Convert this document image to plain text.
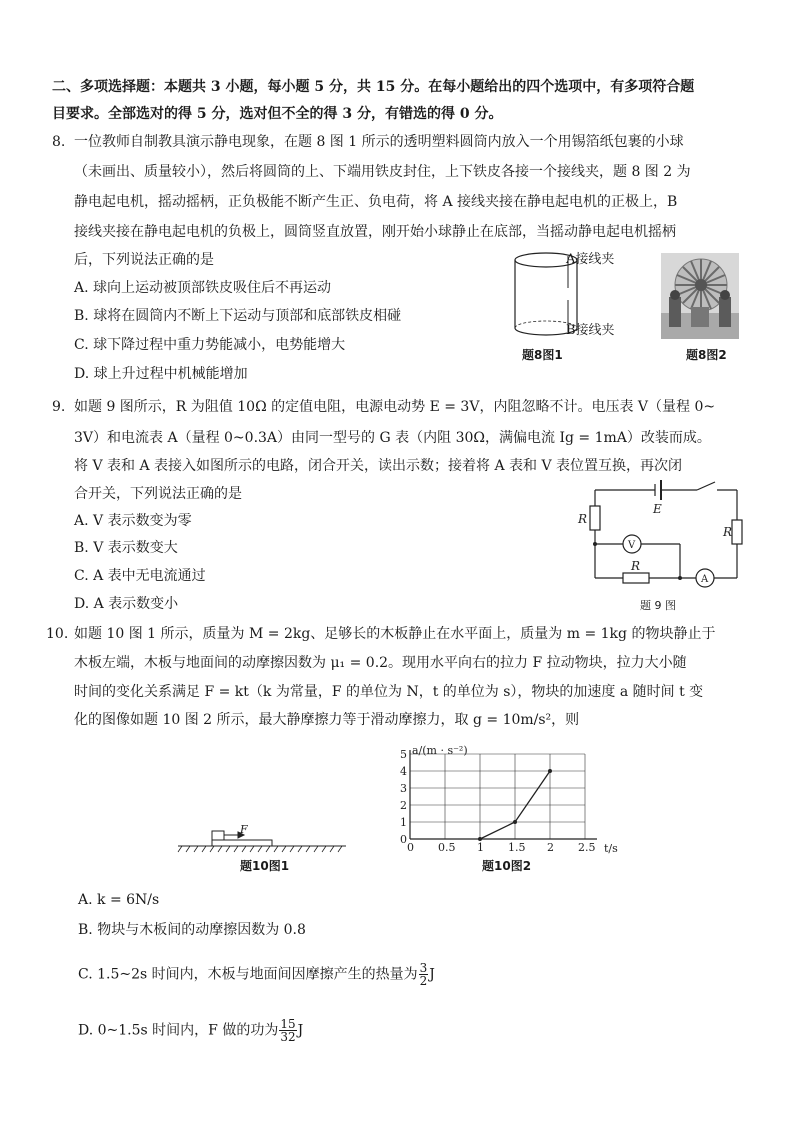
二、多项选择题：本题共 3 小题，每小题 5 分，共 15 分。在每小题给出的四个选项中，有多项符合题
目要求。全部选对的得 5 分，选对但不全的得 3 分，有错选的得 0 分。
8. 一位教师自制教具演示静电现象，在题 8 图 1 所示的透明塑料圆筒内放入一个用锡箔纸包裹的小球
（未画出、质量较小），然后将圆筒的上、下端用铁皮封住，上下铁皮各接一个接线夹，题 8 图 2 为
静电起电机，摇动摇柄，正负极能不断产生正、负电荷，将 A 接线夹接在静电起电机的正极上，B
接线夹接在静电起电机的负极上，圆筒竖直放置，刚开始小球静止在底部，当摇动静电起电机摇柄
后，下列说法正确的是
A. 球向上运动被顶部铁皮吸住后不再运动
B. 球将在圆筒内不断上下运动与顶部和底部铁皮相碰
C. 球下降过程中重力势能减小，电势能增大
D. 球上升过程中机械能增加
A接线夹
B接线夹
题8图1	题8图2
9. 如题 9 图所示，R 为阻值 10Ω 的定值电阻，电源电动势 E = 3V，内阻忽略不计。电压表 V（量程 0~
3V）和电流表 A（量程 0~0.3A）由同一型号的 G 表（内阻 30Ω，满偏电流 Ig = 1mA）改装而成。
将 V 表和 A 表接入如图所示的电路，闭合开关，读出示数；接着将 A 表和 V 表位置互换，再次闭
合开关，下列说法正确的是
A. V 表示数变为零
B. V 表示数变大
C. A 表中无电流通过
D. A 表示数变小
E
R
R
R
V
A
题 9 图
10. 如题 10 图 1 所示，质量为 M = 2kg、足够长的木板静止在水平面上，质量为 m = 1kg 的物块静止于
木板左端，木板与地面间的动摩擦因数为 μ₁ = 0.2。现用水平向右的拉力 F 拉动物块，拉力大小随
时间的变化关系满足 F = kt（k 为常量，F 的单位为 N，t 的单位为 s），物块的加速度 a 随时间 t 变
化的图像如题 10 图 2 所示，最大静摩擦力等于滑动摩擦力，取 g = 10m/s²，则
F
题10图1
0 0.5 1 1.5 2 2.5
0
1
2
3
4
5 a/(m · s⁻²)
t/s
题10图2
A. k = 6N/s
B. 物块与木板间的动摩擦因数为 0.8
C. 1.5~2s 时间内，木板与地面间因摩擦产生的热量为 $\frac{3}{2}$ J
D. 0~1.5s 时间内，F 做的功为 $\frac{15}{32}$ J
